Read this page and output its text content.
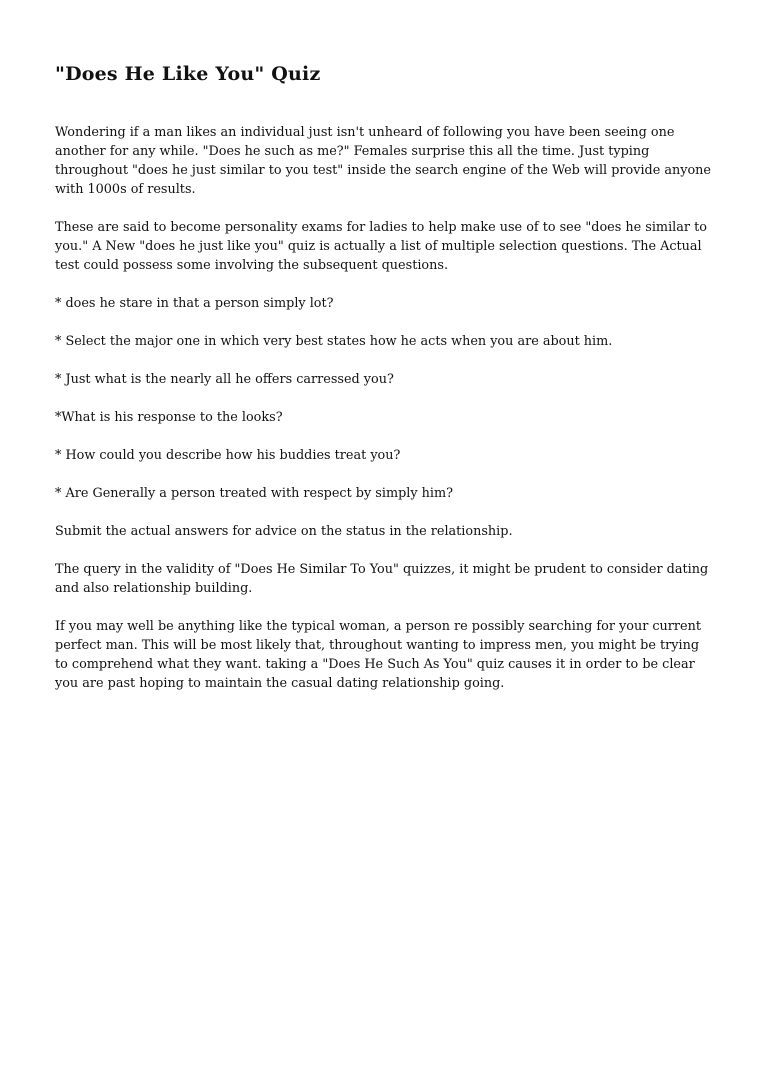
"Does He Like You" Quiz

Wondering if a man likes an individual just isn't unheard of following you have been seeing one another for any while. "Does he such as me?" Females surprise this all the time. Just typing throughout "does he just similar to you test" inside the search engine of the Web will provide anyone with 1000s of results.

These are said to become personality exams for ladies to help make use of to see "does he similar to you." A New "does he just like you" quiz is actually a list of multiple selection questions. The Actual test could possess some involving the subsequent questions.

* does he stare in that a person simply lot?

* Select the major one in which very best states how he acts when you are about him.

* Just what is the nearly all he offers carressed you?

*What is his response to the looks?

* How could you describe how his buddies treat you?

* Are Generally a person treated with respect by simply him?

Submit the actual answers for advice on the status in the relationship.

The query in the validity of "Does He Similar To You" quizzes, it might be prudent to consider dating and also relationship building.

If you may well be anything like the typical woman, a person re possibly searching for your current perfect man. This will be most likely that, throughout wanting to impress men, you might be trying to comprehend what they want. taking a "Does He Such As You" quiz causes it in order to be clear you are past hoping to maintain the casual dating relationship going.
